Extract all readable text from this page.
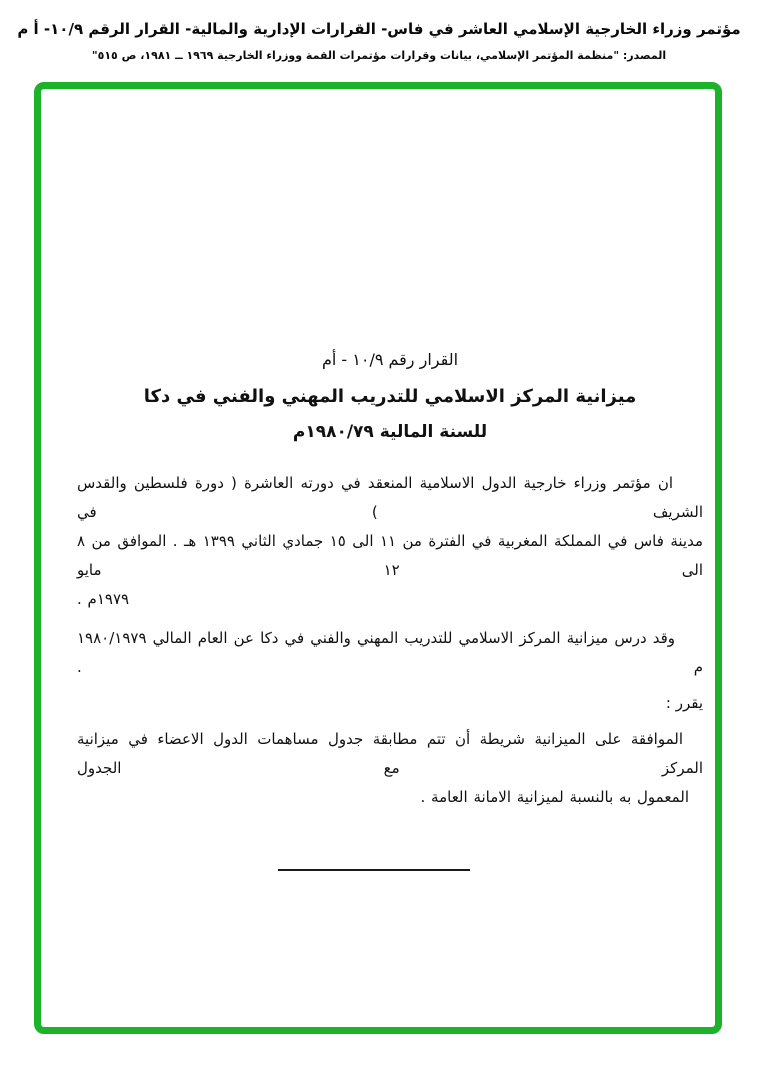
مؤتمر وزراء الخارجية الإسلامي العاشر في فاس- القرارات الإدارية والمالية- القرار الرقم ١٠/٩- أ م
المصدر: "منظمة المؤتمر الإسلامي، بيانات وقرارات مؤتمرات القمة ووزراء الخارجية ١٩٦٩ ــ ١٩٨١، ص ٥١٥"
القرار رقم ١٠/٩ - أم
ميزانية المركز الاسلامي للتدريب المهني والفني في دكا
للسنة المالية ١٩٨٠/٧٩م
ان مؤتمر وزراء خارجية الدول الاسلامية المنعقد في دورته العاشرة ( دورة فلسطين والقدس الشريف ) في
مدينة فاس في المملكة المغربية في الفترة من ١١ الى ١٥ جمادي الثاني ١٣٩٩ هـ . الموافق من ٨ الى ١٢ مايو
١٩٧٩م .
وقد درس ميزانية المركز الاسلامي للتدريب المهني والفني في دكا عن العام المالي ١٩٨٠/١٩٧٩ م .
يقرر :
الموافقة على الميزانية شريطة أن تتم مطابقة جدول مساهمات الدول الاعضاء في ميزانية المركز مع الجدول
المعمول به بالنسبة لميزانية الامانة العامة .
